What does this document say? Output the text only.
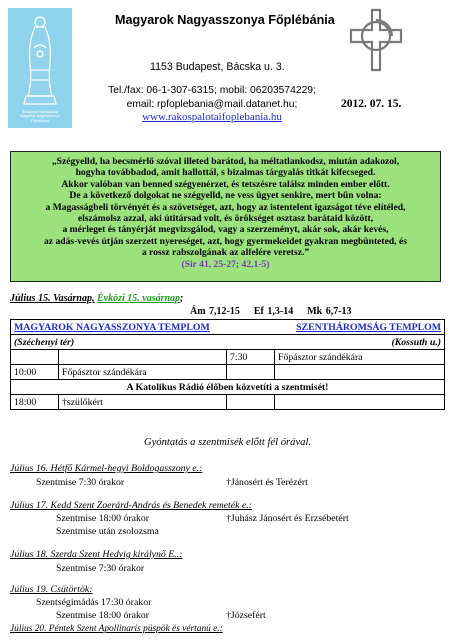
Budapest-Rákospalota
Magyarok Nagyasszonya
Főplébánia
Magyarok Nagyasszonya Főplébánia
1153 Budapest, Bácska u. 3.
Tel./fax: 06-1-307-6315; mobil: 06203574229;
email: rpfoplebania@mail.datanet.hu;
www.rakospalotaifoplebania.hu
2012. 07. 15.
„Szégyelld, ha becsmérlő szóval illeted barátod, ha méltatlankodsz, miután adakozol,
hogyha továbbadod, amit hallottál, s bizalmas tárgyalás titkát kifecseged.
Akkor valóban van benned szégyenérzet, és tetszésre találsz minden ember előtt.
De a következő dolgokat ne szégyelld, ne vess ügyet senkire, mert bűn volna:
a Magasságbeli törvényét és a szövetséget, azt, hogy az istentelent igazságot téve elítéled,
elszámolsz azzal, aki útitársad volt, és örökséget osztasz barátaid között,
a mérleget és tányérját megvizsgálod, vagy a szerzeményt, akár sok, akár kevés,
az adás-vevés útján szerzett nyereséget, azt, hogy gyermekeidet gyakran megbünteted, és
a rossz rabszolgának az alfelére veretsz.”
(Sir 41, 25-27; 42,1-5)
Július 15. Vasárnap, Évközi 15. vasárnap;
Ám 7,12-15    Ef 1,3-14    Mk 6,7-13
MAGYAROK NAGYASSZONYA TEMPLOM		SZENTHÁROMSÁG TEMPLOM	
(Széchenyi tér)		(Kossuth u.)	
		7:30	Főpásztor szándékára
10:00	Főpásztor szándékára		
A Katolikus Rádió élőben közvetíti a szentmisét!			
18:00	†szülőkért		
Gyóntatás a szentmisék előtt fél órával.
Július 16. Hétfő Kármel-hegyi Boldogasszony e.:
Szentmise 7:30 órakor	†Jánosért és Terézért
Július 17. Kedd Szent Zoerárd-András és Benedek remeték e.:
Szentmise 18:00 órakor	†Juhász Jánosért és Erzsébetért
Szentmise után zsolozsma
Július 18. Szerda Szent Hedvig királynő E..:
Szentmise 7:30 órakor
Július 19. Csütörtök:
Szentségimádás 17:30 órakor
Szentmise 18:00 órakor	†Józsefért
Július 20. Péntek Szent Apollinaris püspök és vértanú e.:
